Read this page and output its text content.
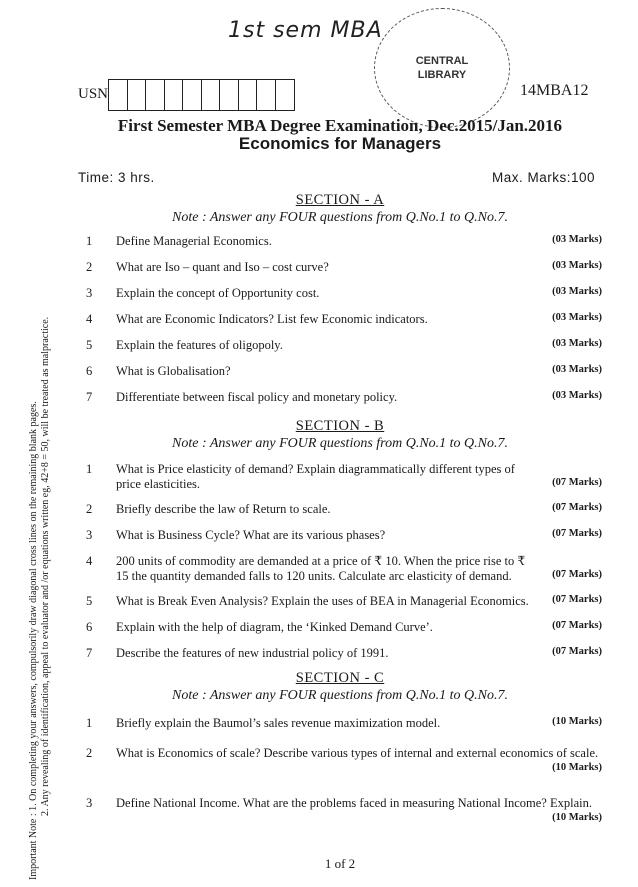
1st sem MBA
CENTRAL
LIBRARY
USN	14MBA12
First Semester MBA Degree Examination, Dec.2015/Jan.2016
Economics for Managers
Time: 3 hrs.	Max. Marks:100
Important Note : 1. On completing your answers, compulsorily draw diagonal cross lines on the remaining blank pages. 2. Any revealing of identification, appeal to evaluator and /or equations written eg, 42+8 = 50, will be treated as malpractice.
SECTION - A
Note : Answer any FOUR questions from Q.No.1 to Q.No.7.
1	Define Managerial Economics.	(03 Marks)
2	What are Iso – quant and Iso – cost curve?	(03 Marks)
3	Explain the concept of Opportunity cost.	(03 Marks)
4	What are Economic Indicators? List few Economic indicators.	(03 Marks)
5	Explain the features of oligopoly.	(03 Marks)
6	What is Globalisation?	(03 Marks)
7	Differentiate between fiscal policy and monetary policy.	(03 Marks)
SECTION - B
Note : Answer any FOUR questions from Q.No.1 to Q.No.7.
1	What is Price elasticity of demand? Explain diagrammatically different types of price elasticities.	(07 Marks)
2	Briefly describe the law of Return to scale.	(07 Marks)
3	What is Business Cycle? What are its various phases?	(07 Marks)
4	200 units of commodity are demanded at a price of ₹ 10. When the price rise to ₹ 15 the quantity demanded falls to 120 units. Calculate arc elasticity of demand.	(07 Marks)
5	What is Break Even Analysis? Explain the uses of BEA in Managerial Economics.	(07 Marks)
6	Explain with the help of diagram, the ‘Kinked Demand Curve’.	(07 Marks)
7	Describe the features of new industrial policy of 1991.	(07 Marks)
SECTION - C
Note : Answer any FOUR questions from Q.No.1 to Q.No.7.
1	Briefly explain the Baumol’s sales revenue maximization model.	(10 Marks)
2	What is Economics of scale? Describe various types of internal and external economics of scale.
(10 Marks)
3	Define National Income. What are the problems faced in measuring National Income? Explain.
(10 Marks)
1 of 2
